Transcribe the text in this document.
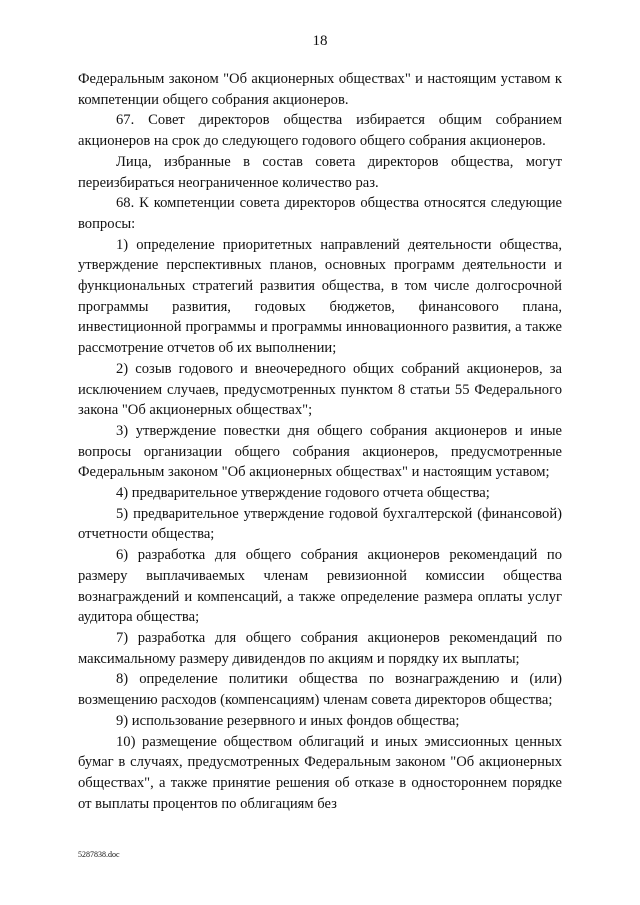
18

Федеральным законом "Об акционерных обществах" и настоящим уставом к компетенции общего собрания акционеров.

67. Совет директоров общества избирается общим собранием акционеров на срок до следующего годового общего собрания акционеров.

Лица, избранные в состав совета директоров общества, могут переизбираться неограниченное количество раз.

68. К компетенции совета директоров общества относятся следующие вопросы:

1) определение приоритетных направлений деятельности общества, утверждение перспективных планов, основных программ деятельности и функциональных стратегий развития общества, в том числе долгосрочной программы развития, годовых бюджетов, финансового плана, инвестиционной программы и программы инновационного развития, а также рассмотрение отчетов об их выполнении;

2) созыв годового и внеочередного общих собраний акционеров, за исключением случаев, предусмотренных пунктом 8 статьи 55 Федерального закона "Об акционерных обществах";

3) утверждение повестки дня общего собрания акционеров и иные вопросы организации общего собрания акционеров, предусмотренные Федеральным законом "Об акционерных обществах" и настоящим уставом;

4) предварительное утверждение годового отчета общества;

5) предварительное утверждение годовой бухгалтерской (финансовой) отчетности общества;

6) разработка для общего собрания акционеров рекомендаций по размеру выплачиваемых членам ревизионной комиссии общества вознаграждений и компенсаций, а также определение размера оплаты услуг аудитора общества;

7) разработка для общего собрания акционеров рекомендаций по максимальному размеру дивидендов по акциям и порядку их выплаты;

8) определение политики общества по вознаграждению и (или) возмещению расходов (компенсациям) членам совета директоров общества;

9) использование резервного и иных фондов общества;

10) размещение обществом облигаций и иных эмиссионных ценных бумаг в случаях, предусмотренных Федеральным законом "Об акционерных обществах", а также принятие решения об отказе в одностороннем порядке от выплаты процентов по облигациям без

5287838.doc
